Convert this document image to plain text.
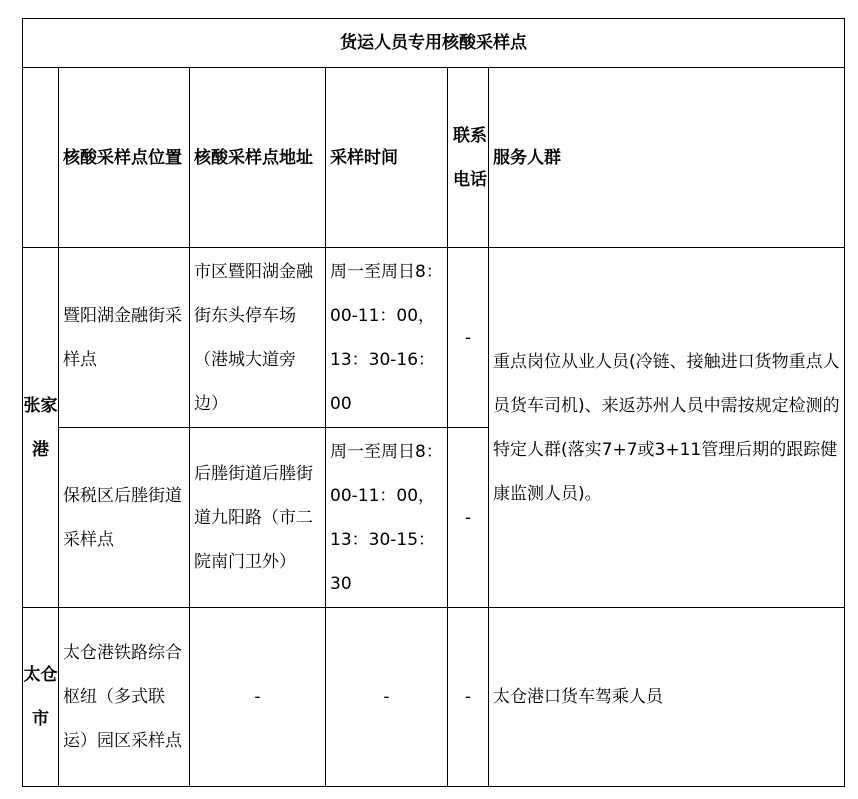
货运人员专用核酸采样点					
	核酸采样点位置	核酸采样点地址	采样时间	联系电话	服务人群
张家港	暨阳湖金融街采样点	市区暨阳湖金融街东头停车场（港城大道旁边）	周一至周日8：00-11：00，13：30-16：00	-	重点岗位从业人员(冷链、接触进口货物重点人员货车司机)、来返苏州人员中需按规定检测的特定人群(落实7+7或3+11管理后期的跟踪健康监测人员)。
	保税区后塍街道采样点	后塍街道后塍街道九阳路（市二院南门卫外）	周一至周日8：00-11：00，13：30-15：30	-	
太仓市	太仓港铁路综合枢纽（多式联运）园区采样点	-	-	-	太仓港口货车驾乘人员
